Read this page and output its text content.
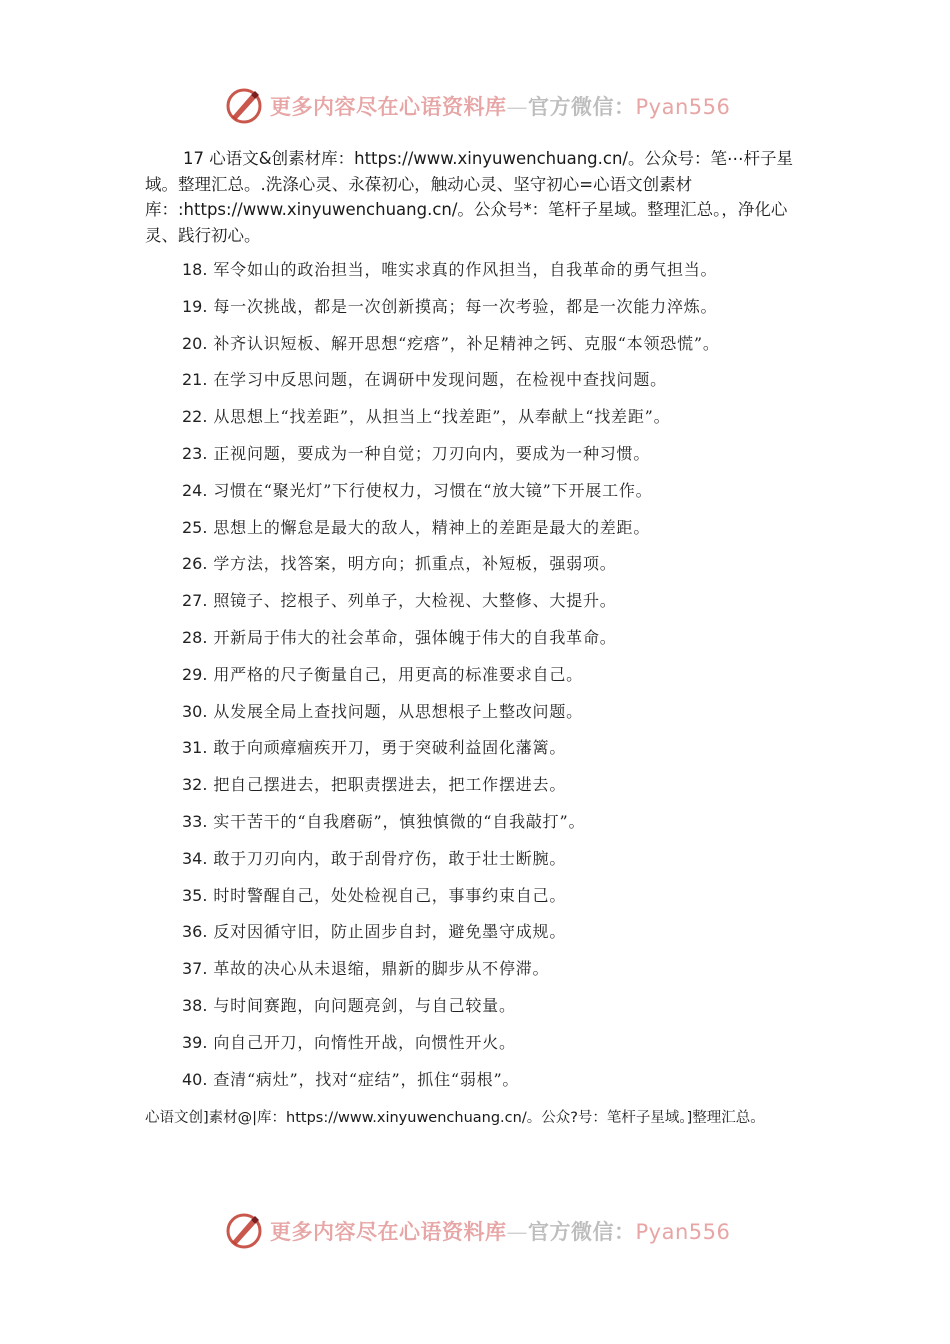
更多内容尽在心语资料库—官方微信：Pyan556
17 心语文&创素材库：https://www.xinyuwenchuang.cn/。公众号：笔⋯杆子星域。整理汇总。.洗涤心灵、永葆初心，触动心灵、坚守初心=心语文创素材库：:https://www.xinyuwenchuang.cn/。公众号*：笔杆子星域。整理汇总。，净化心灵、践行初心。
18. 军令如山的政治担当，唯实求真的作风担当，自我革命的勇气担当。
19. 每一次挑战，都是一次创新摸高；每一次考验，都是一次能力淬炼。
20. 补齐认识短板、解开思想“疙瘩”，补足精神之钙、克服“本领恐慌”。
21. 在学习中反思问题，在调研中发现问题，在检视中查找问题。
22. 从思想上“找差距”，从担当上“找差距”，从奉献上“找差距”。
23. 正视问题，要成为一种自觉；刀刃向内，要成为一种习惯。
24. 习惯在“聚光灯”下行使权力，习惯在“放大镜”下开展工作。
25. 思想上的懈怠是最大的敌人，精神上的差距是最大的差距。
26. 学方法，找答案，明方向；抓重点，补短板，强弱项。
27. 照镜子、挖根子、列单子，大检视、大整修、大提升。
28. 开新局于伟大的社会革命，强体魄于伟大的自我革命。
29. 用严格的尺子衡量自己，用更高的标准要求自己。
30. 从发展全局上查找问题，从思想根子上整改问题。
31. 敢于向顽瘴痼疾开刀，勇于突破利益固化藩篱。
32. 把自己摆进去，把职责摆进去，把工作摆进去。
33. 实干苦干的“自我磨砺”，慎独慎微的“自我敲打”。
34. 敢于刀刃向内，敢于刮骨疗伤，敢于壮士断腕。
35. 时时警醒自己，处处检视自己，事事约束自己。
36. 反对因循守旧，防止固步自封，避免墨守成规。
37. 革故的决心从未退缩，鼎新的脚步从不停滞。
38. 与时间赛跑，向问题亮剑，与自己较量。
39. 向自己开刀，向惰性开战，向惯性开火。
40. 查清“病灶”，找对“症结”，抓住“弱根”。
心语文创]素材@|库：https://www.xinyuwenchuang.cn/。公众?号：笔杆子星域。]整理汇总。
更多内容尽在心语资料库—官方微信：Pyan556
